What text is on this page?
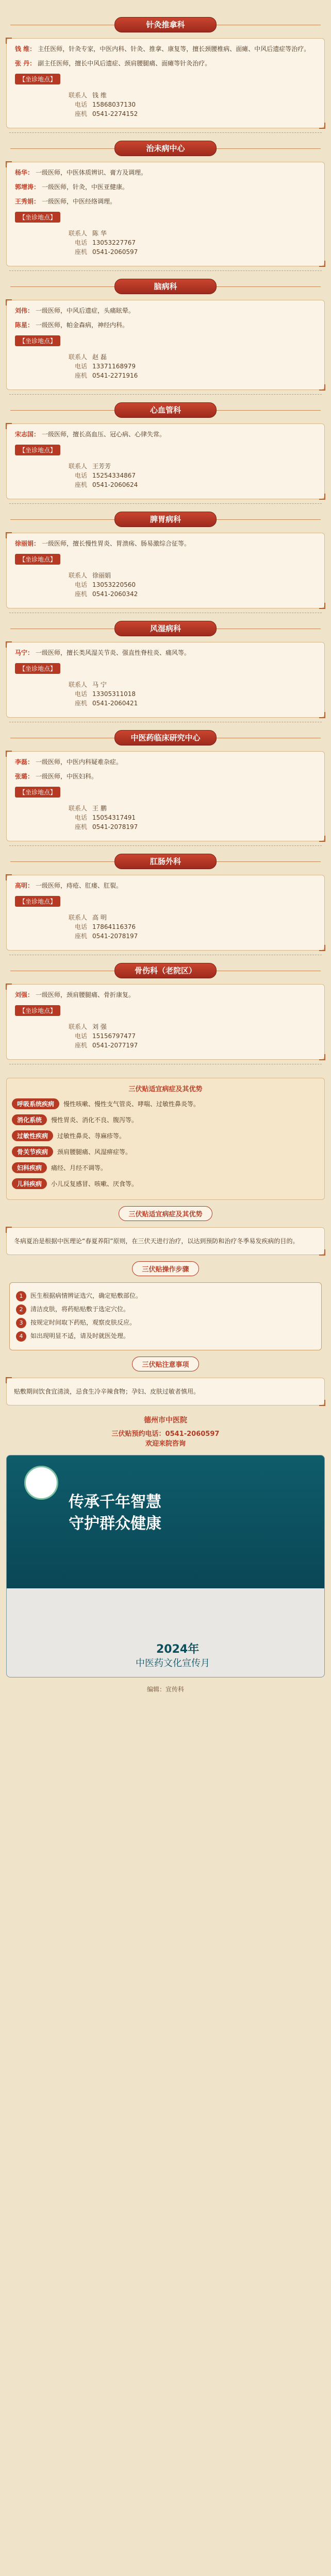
针灸推拿科
钱 维： 主任医师，针灸专家，中医内科、针灸、推拿、康复等，擅长颈腰椎病、面瘫、中风后遗症等治疗。
张 丹： 副主任医师，擅长中风后遗症、颈肩腰腿痛、面瘫等针灸治疗。
【坐诊地点】
联系人 钱 维
电话 15868037130
座机 0541-2274152
治未病中心
杨华： 一级医师，中医体质辨识、膏方及调理。
郭增涛： 一级医师，针灸，中医亚健康。
王秀娟： 一级医师，中医经络调理。
【坐诊地点】
联系人 陈 华
电话 13053227767
座机 0541-2060597
脑病科
刘伟： 一级医师，中风后遗症，头痛眩晕。
陈星： 一级医师，帕金森病，神经内科。
【坐诊地点】
联系人 赵 磊
电话 13371168979
座机 0541-2271916
心血管科
宋志国： 一级医师，擅长高血压、冠心病、心律失常。
【坐诊地点】
联系人 王芳芳
电话 15254334867
座机 0541-2060624
脾胃病科
徐丽娟： 一级医师，擅长慢性胃炎、胃溃疡、肠易激综合征等。
【坐诊地点】
联系人 徐丽娟
电话 13053220560
座机 0541-2060342
风湿病科
马宁： 一级医师，擅长类风湿关节炎、强直性脊柱炎、痛风等。
【坐诊地点】
联系人 马 宁
电话 13305311018
座机 0541-2060421
中医药临床研究中心
李磊： 一级医师，中医内科疑难杂症。
张璐： 一级医师，中医妇科。
【坐诊地点】
联系人 王 鹏
电话 15054317491
座机 0541-2078197
肛肠外科
高明： 一级医师，痔疮、肛瘘、肛裂。
【坐诊地点】
联系人 高 明
电话 17864116376
座机 0541-2078197
骨伤科（老院区）
刘强： 一级医师，颈肩腰腿痛、骨折康复。
【坐诊地点】
联系人 刘 强
电话 15156797477
座机 0541-2077197
三伏贴适宜病症及其优势
呼吸系统疾病	慢性咳嗽、慢性支气管炎、哮喘、过敏性鼻炎等。
消化系统	慢性胃炎、消化不良、腹泻等。
过敏性疾病	过敏性鼻炎、荨麻疹等。
骨关节疾病	颈肩腰腿痛、风湿痹症等。
妇科疾病	痛经、月经不调等。
儿科疾病	小儿反复感冒、咳嗽、厌食等。
三伏贴适宜病症及其优势
冬病夏治是根据中医理论“春夏养阳”原则，在三伏天进行治疗，以达到预防和治疗冬季易发疾病的目的。
三伏贴操作步骤
1	医生根据病情辨证选穴，确定贴敷部位。
2	清洁皮肤，将药贴贴敷于选定穴位。
3	按规定时间取下药贴，观察皮肤反应。
4	如出现明显不适，请及时就医处理。
三伏贴注意事项
贴敷期间饮食宜清淡，忌食生冷辛辣食物；孕妇、皮肤过敏者慎用。
德州市中医院
三伏贴预约电话：0541-2060597
欢迎来院咨询
传承千年智慧
守护群众健康
2024年
中医药文化宣传月
编辑：宣传科
